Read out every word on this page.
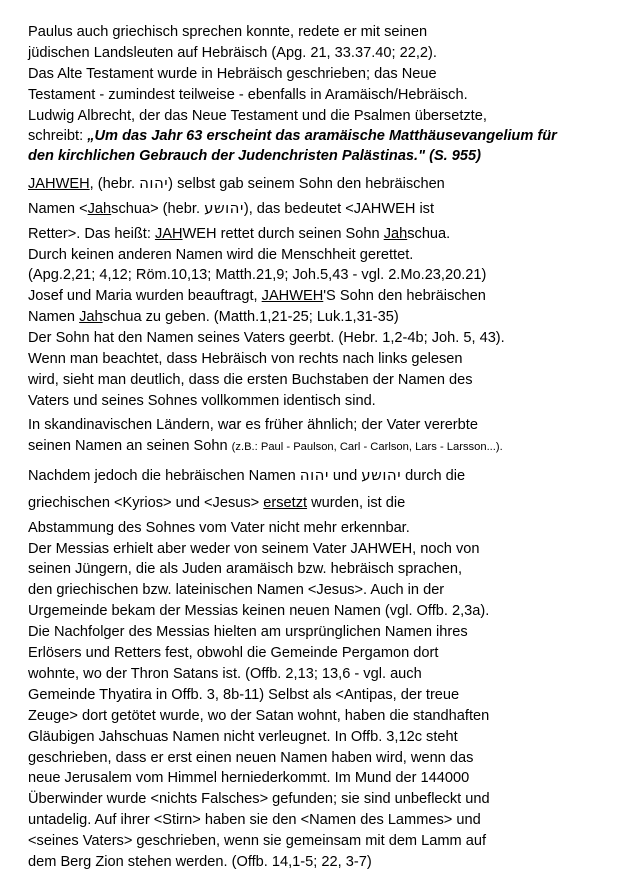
Paulus auch griechisch sprechen konnte, redete er mit seinen

jüdischen Landsleuten auf Hebräisch (Apg. 21, 33.37.40; 22,2).

Das Alte Testament wurde in Hebräisch geschrieben; das Neue

Testament - zumindest teilweise - ebenfalls in Aramäisch/Hebräisch.

Ludwig Albrecht, der das Neue Testament und die Psalmen übersetzte,

schreibt: „Um das Jahr 63 erscheint das aramäische Matthäusevangelium für

den kirchlichen Gebrauch der Judenchristen Palästinas." (S. 955)

JAHWEH, (hebr. יהוה) selbst gab seinem Sohn den hebräischen

Namen <Jahschua> (hebr. יהושע), das bedeutet <JAHWEH ist

Retter>. Das heißt: JAHWEH rettet durch seinen Sohn Jahschua.

Durch keinen anderen Namen wird die Menschheit gerettet.

(Apg.2,21; 4,12; Röm.10,13; Matth.21,9; Joh.5,43 - vgl. 2.Mo.23,20.21)

Josef und Maria wurden beauftragt, JAHWEH'S Sohn den hebräischen

Namen Jahschua zu geben. (Matth.1,21-25; Luk.1,31-35)

Der Sohn hat den Namen seines Vaters geerbt. (Hebr. 1,2-4b; Joh. 5, 43).

Wenn man beachtet, dass Hebräisch von rechts nach links gelesen

wird, sieht man deutlich, dass die ersten Buchstaben der Namen des

Vaters und seines Sohnes vollkommen identisch sind.

In skandinavischen Ländern, war es früher ähnlich; der Vater vererbte

seinen Namen an seinen Sohn (z.B.: Paul - Paulson, Carl - Carlson, Lars - Larsson...).

Nachdem jedoch die hebräischen Namen יהוה und יהושע durch die

griechischen <Kyrios> und <Jesus> ersetzt wurden, ist die

Abstammung des Sohnes vom Vater nicht mehr erkennbar.

Der Messias erhielt aber weder von seinem Vater JAHWEH, noch von

seinen Jüngern, die als Juden aramäisch bzw. hebräisch sprachen,

den griechischen bzw. lateinischen Namen <Jesus>. Auch in der

Urgemeinde bekam der Messias keinen neuen Namen (vgl. Offb. 2,3a).

Die Nachfolger des Messias hielten am ursprünglichen Namen ihres

Erlösers und Retters fest, obwohl die Gemeinde Pergamon dort

wohnte, wo der Thron Satans ist. (Offb. 2,13; 13,6 - vgl. auch

Gemeinde Thyatira in Offb. 3, 8b-11) Selbst als <Antipas, der treue

Zeuge> dort getötet wurde, wo der Satan wohnt, haben die standhaften

Gläubigen Jahschuas Namen nicht verleugnet. In Offb. 3,12c steht

geschrieben, dass er erst einen neuen Namen haben wird, wenn das

neue Jerusalem vom Himmel herniederkommt. Im Mund der 144000

Überwinder wurde <nichts Falsches> gefunden; sie sind unbefleckt und

untadelig. Auf ihrer <Stirn> haben sie den <Namen des Lammes> und

<seines Vaters> geschrieben, wenn sie gemeinsam mit dem Lamm auf

dem Berg Zion stehen werden. (Offb. 14,1-5; 22, 3-7)
